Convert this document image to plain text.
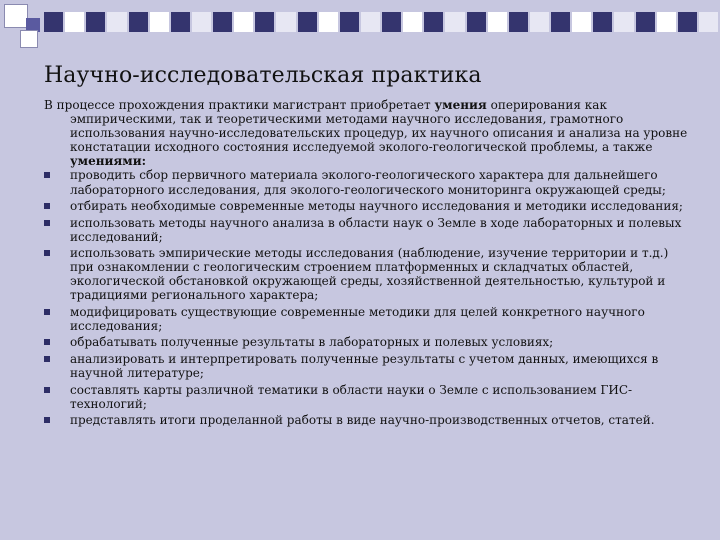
Научно-исследовательская практика

В процессе прохождения практики магистрант приобретает умения оперирования как эмпирическими, так и теоретическими методами научного исследования, грамотного использования научно-исследовательских процедур, их научного описания и анализа на уровне констатации исходного состояния исследуемой эколого-геологической проблемы, а также умениями:

проводить сбор первичного материала эколого-геологического характера для дальнейшего лабораторного исследования, для эколого-геологического мониторинга окружающей среды;
отбирать необходимые современные методы научного исследования и методики исследования;
использовать методы научного анализа в области наук о Земле в ходе лабораторных и полевых исследований;
использовать эмпирические методы исследования (наблюдение, изучение территории и т.д.) при ознакомлении с геологическим строением платформенных и складчатых областей, экологической обстановкой окружающей среды, хозяйственной деятельностью, культурой и традициями регионального характера;
модифицировать существующие современные методики для целей конкретного научного исследования;
обрабатывать полученные результаты в лабораторных и полевых условиях;
анализировать и интерпретировать полученные результаты с учетом данных, имеющихся в научной литературе;
составлять карты различной тематики в области науки о Земле с использованием ГИС-технологий;
представлять итоги проделанной работы в виде научно-производственных отчетов, статей.
